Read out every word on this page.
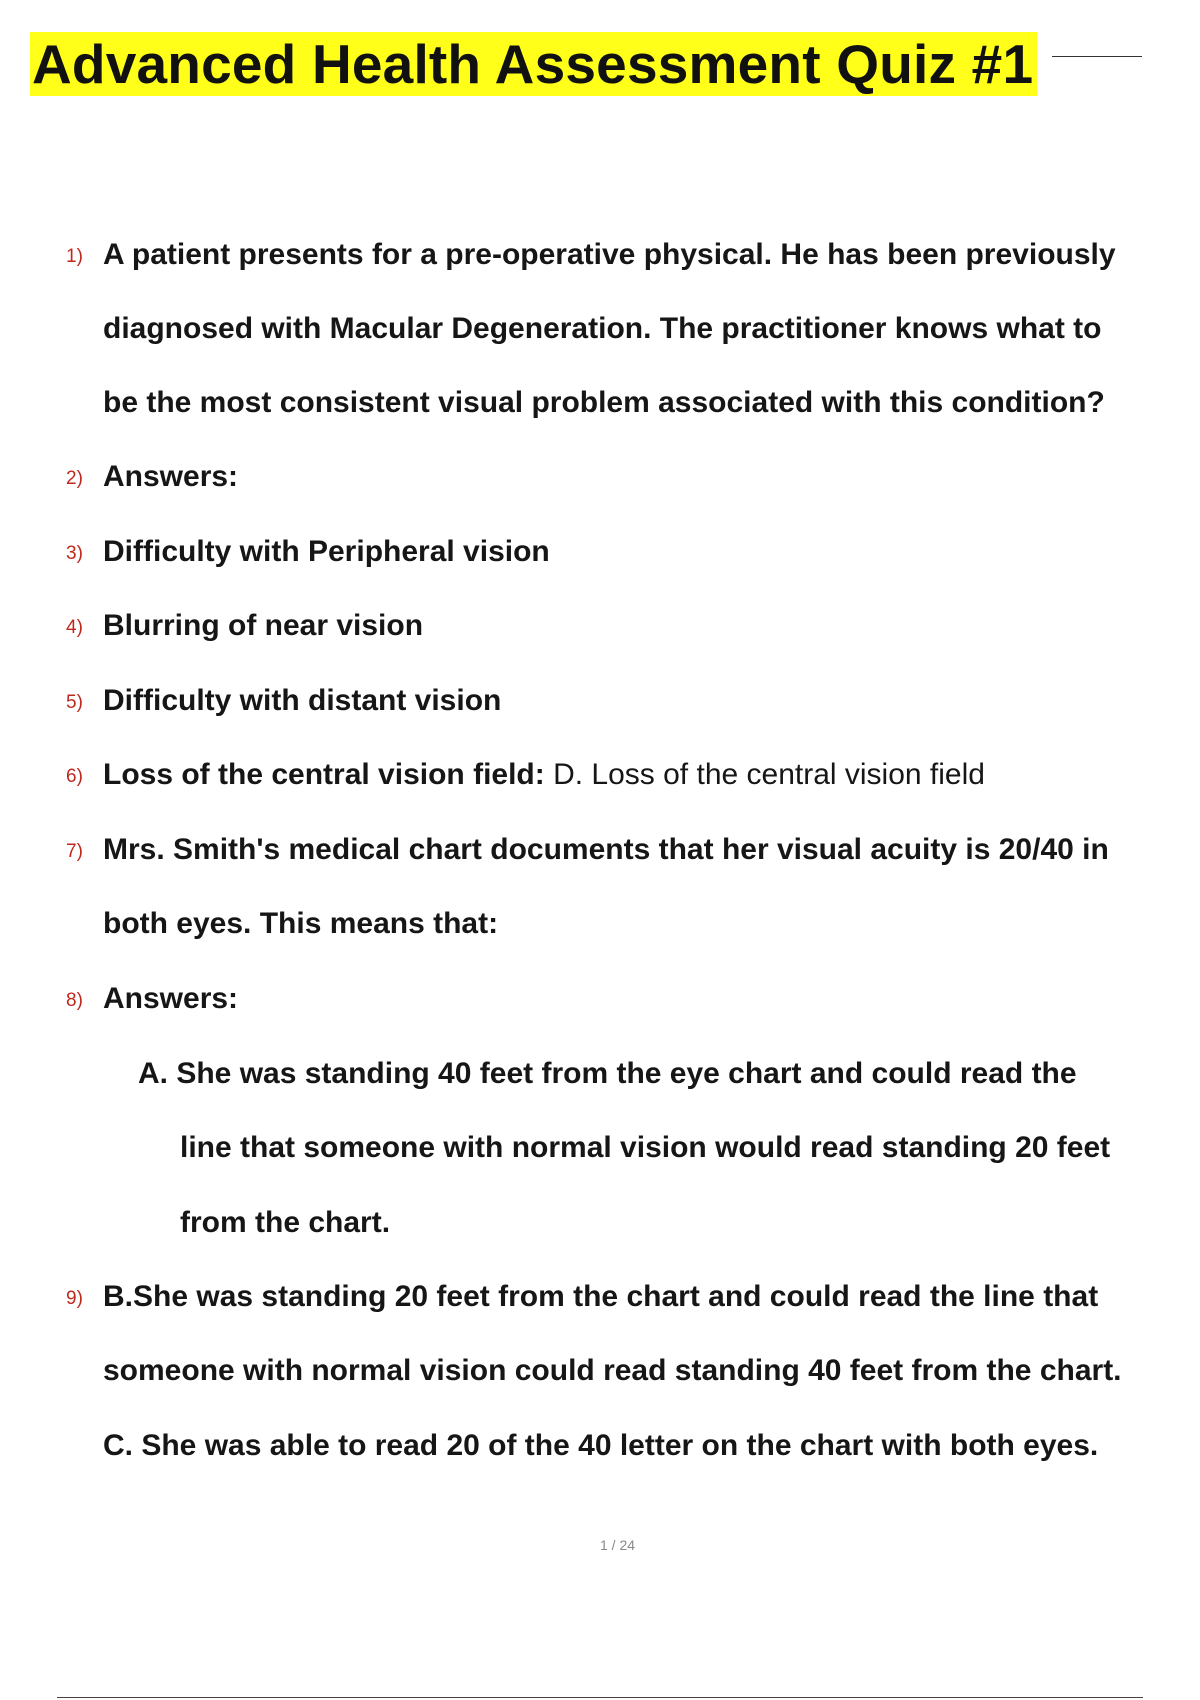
Advanced Health Assessment Quiz #1
1) A patient presents for a pre-operative physical. He has been previously
diagnosed with Macular Degeneration. The practitioner knows what to
be the most consistent visual problem associated with this condition?
2) Answers:
3) Difficulty with Peripheral vision
4) Blurring of near vision
5) Difficulty with distant vision
6) Loss of the central vision field: D. Loss of the central vision field
7) Mrs. Smith's medical chart documents that her visual acuity is 20/40 in
both eyes. This means that:
8) Answers:
A. She was standing 40 feet from the eye chart and could read the
line that someone with normal vision would read standing 20 feet
from the chart.
9) B.She was standing 20 feet from the chart and could read the line that
someone with normal vision could read standing 40 feet from the chart.
C. She was able to read 20 of the 40 letter on the chart with both eyes.
1 / 24
